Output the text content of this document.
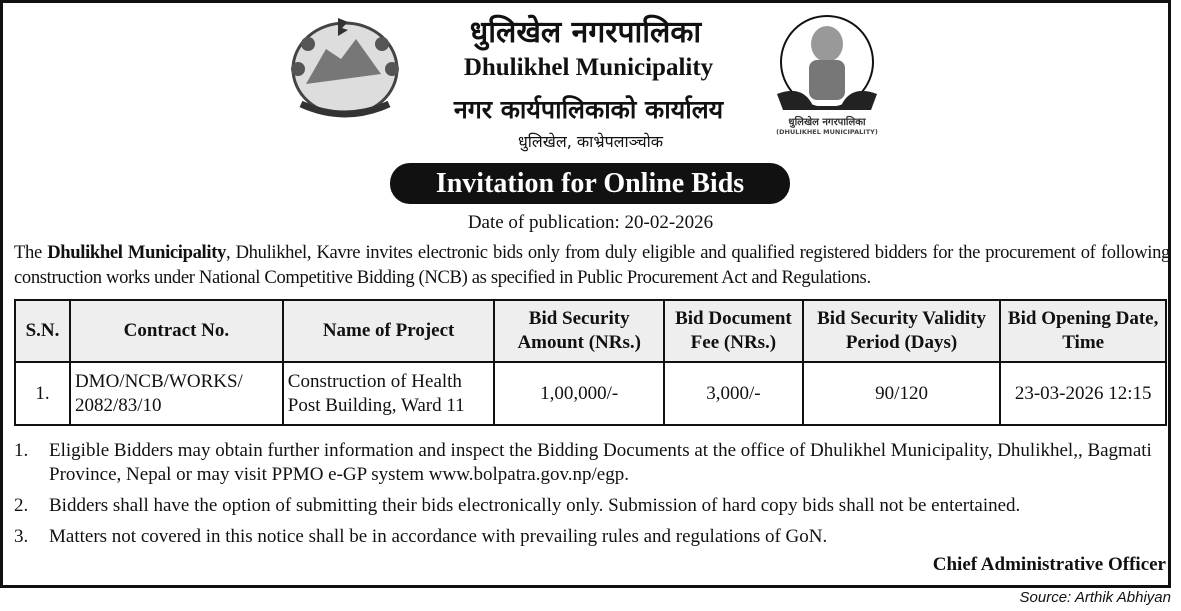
धुलिखेल नगरपालिका
(DHULIKHEL MUNICIPALITY)
धुलिखेल नगरपालिका
Dhulikhel Municipality
नगर कार्यपालिकाको कार्यालय
धुलिखेल, काभ्रेपलाञ्चोक
Invitation for Online Bids
Date of publication: 20-02-2026
The Dhulikhel Municipality, Dhulikhel, Kavre invites electronic bids only from duly eligible and qualified registered bidders for the procurement of following construction works under National Competitive Bidding (NCB) as specified in Public Procurement Act and Regulations.
S.N.	Contract No.	Name of Project	Bid Security Amount (NRs.)	Bid Document Fee (NRs.)	Bid Security Validity Period (Days)	Bid Opening Date, Time
1.	DMO/NCB/WORKS/ 2082/83/10	Construction of Health Post Building, Ward 11	1,00,000/-	3,000/-	90/120	23-03-2026 12:15
1.	Eligible Bidders may obtain further information and inspect the Bidding Documents at the office of Dhulikhel Municipality, Dhulikhel,, Bagmati Province, Nepal or may visit PPMO e-GP system www.bolpatra.gov.np/egp.
2.	Bidders shall have the option of submitting their bids electronically only. Submission of hard copy bids shall not be entertained.
3.	Matters not covered in this notice shall be in accordance with prevailing rules and regulations of GoN.
Chief Administrative Officer
Source: Arthik Abhiyan
